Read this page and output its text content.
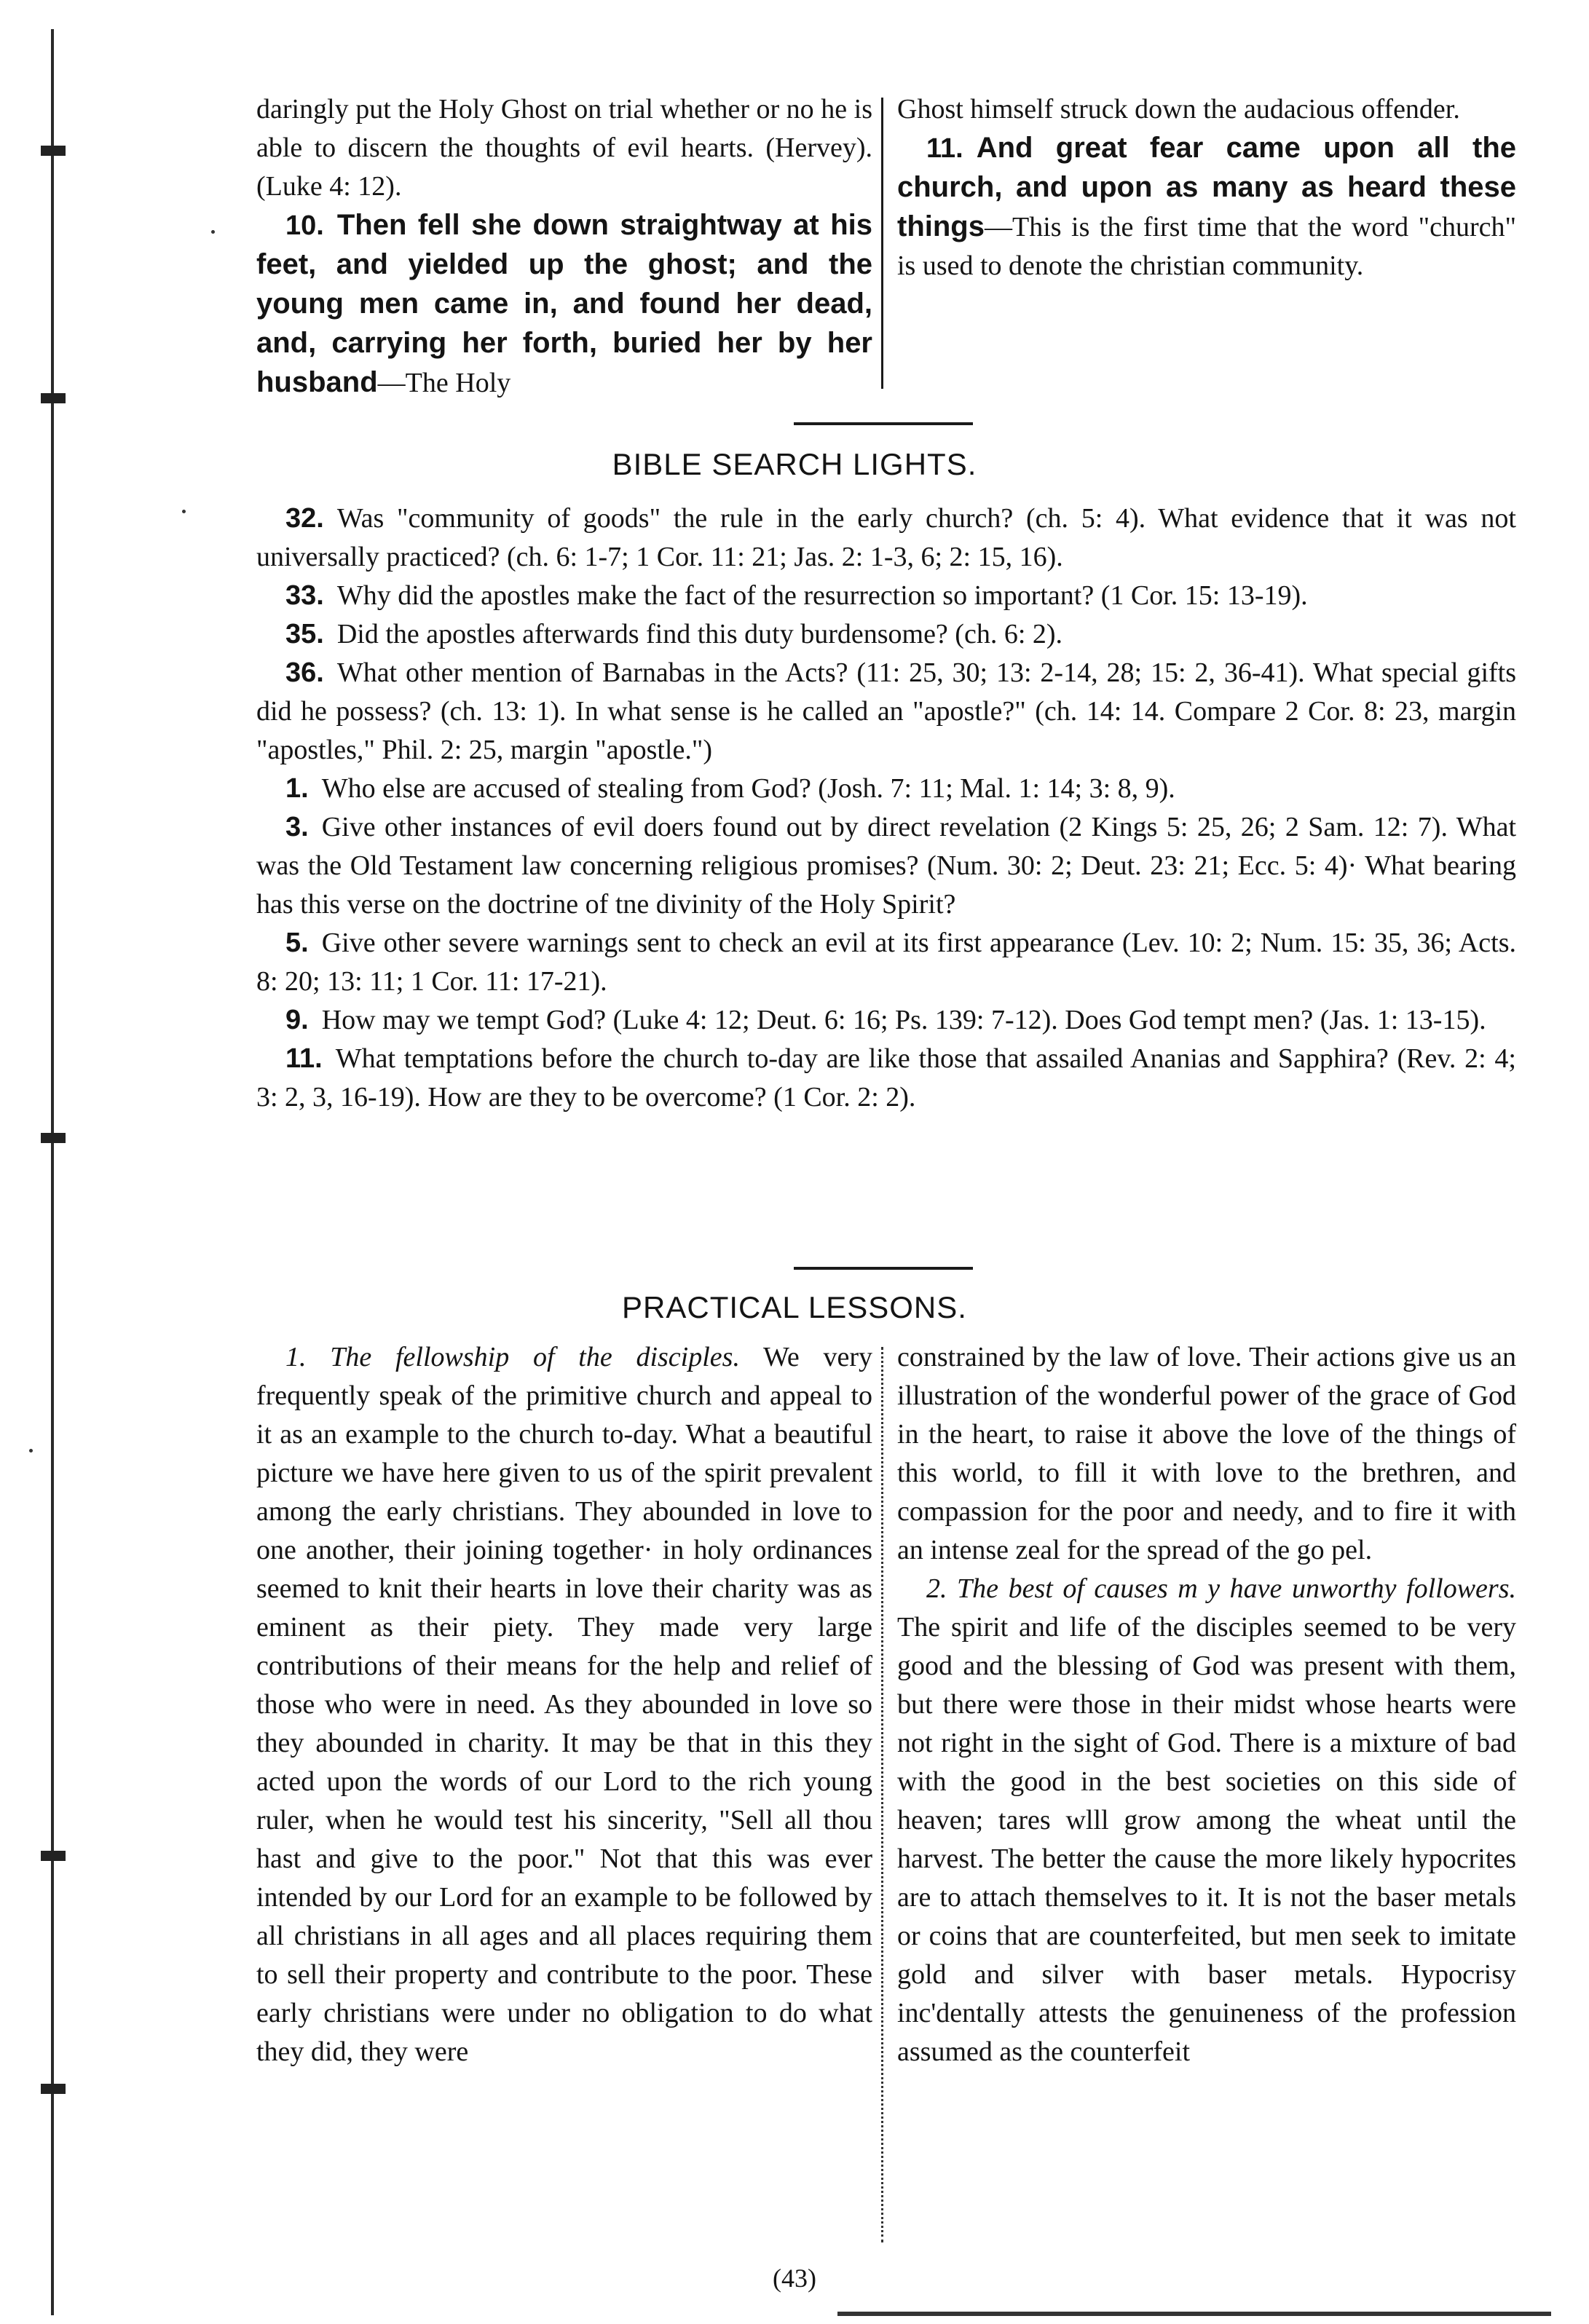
daringly put the Holy Ghost on trial whether or no he is able to discern the thoughts of evil hearts. (Hervey). (Luke 4: 12).

10. Then fell she down straightway at his feet, and yielded up the ghost; and the young men came in, and found her dead, and, carrying her forth, buried her by her husband—The Holy

Ghost himself struck down the audacious offender.

11. And great fear came upon all the church, and upon as many as heard these things—This is the first time that the word "church" is used to denote the christian community.

BIBLE SEARCH LIGHTS.

32. Was "community of goods" the rule in the early church? (ch. 5: 4). What evidence that it was not universally practiced? (ch. 6: 1-7; 1 Cor. 11: 21; Jas. 2: 1-3, 6; 2: 15, 16).

33. Why did the apostles make the fact of the resurrection so important? (1 Cor. 15: 13-19).

35. Did the apostles afterwards find this duty burdensome? (ch. 6: 2).

36. What other mention of Barnabas in the Acts? (11: 25, 30; 13: 2-14, 28; 15: 2, 36-41). What special gifts did he possess? (ch. 13: 1). In what sense is he called an "apostle?" (ch. 14: 14. Compare 2 Cor. 8: 23, margin "apostles," Phil. 2: 25, margin "apostle.")

1. Who else are accused of stealing from God? (Josh. 7: 11; Mal. 1: 14; 3: 8, 9).

3. Give other instances of evil doers found out by direct revelation (2 Kings 5: 25, 26; 2 Sam. 12: 7). What was the Old Testament law concerning religious promises? (Num. 30: 2; Deut. 23: 21; Ecc. 5: 4)· What bearing has this verse on the doctrine of tne divinity of the Holy Spirit?

5. Give other severe warnings sent to check an evil at its first appearance (Lev. 10: 2; Num. 15: 35, 36; Acts. 8: 20; 13: 11; 1 Cor. 11: 17-21).

9. How may we tempt God? (Luke 4: 12; Deut. 6: 16; Ps. 139: 7-12). Does God tempt men? (Jas. 1: 13-15).

11. What temptations before the church to-day are like those that assailed Ananias and Sapphira? (Rev. 2: 4; 3: 2, 3, 16-19). How are they to be overcome? (1 Cor. 2: 2).

PRACTICAL LESSONS.

1. The fellowship of the disciples. We very frequently speak of the primitive church and appeal to it as an example to the church to-day. What a beautiful picture we have here given to us of the spirit prevalent among the early christians. They abounded in love to one another, their joining together· in holy ordinances seemed to knit their hearts in love their charity was as eminent as their piety. They made very large contributions of their means for the help and relief of those who were in need. As they abounded in love so they abounded in charity. It may be that in this they acted upon the words of our Lord to the rich young ruler, when he would test his sincerity, "Sell all thou hast and give to the poor." Not that this was ever intended by our Lord for an example to be followed by all christians in all ages and all places requiring them to sell their property and contribute to the poor. These early christians were under no obligation to do what they did, they were

constrained by the law of love. Their actions give us an illustration of the wonderful power of the grace of God in the heart, to raise it above the love of the things of this world, to fill it with love to the brethren, and compassion for the poor and needy, and to fire it with an intense zeal for the spread of the go pel.

2. The best of causes m y have unworthy followers. The spirit and life of the disciples seemed to be very good and the blessing of God was present with them, but there were those in their midst whose hearts were not right in the sight of God. There is a mixture of bad with the good in the best societies on this side of heaven; tares wlll grow among the wheat until the harvest. The better the cause the more likely hypocrites are to attach themselves to it. It is not the baser metals or coins that are counterfeited, but men seek to imitate gold and silver with baser metals. Hypocrisy inc'dentally attests the genuineness of the profession assumed as the counterfeit

(43)
